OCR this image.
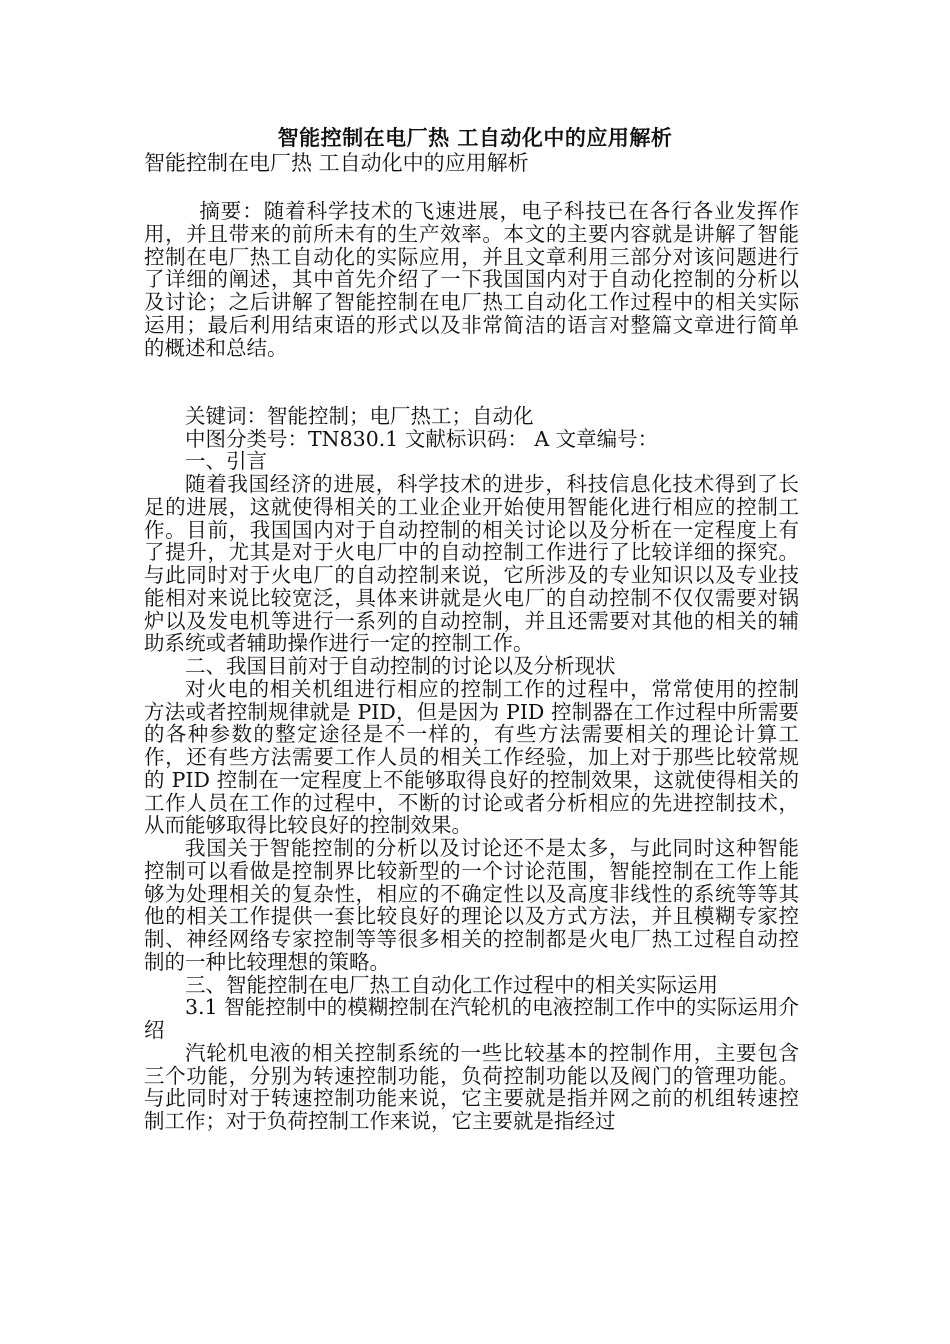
智能控制在电厂热 工自动化中的应用解析
智能控制在电厂热 工自动化中的应用解析

摘要：随着科学技术的飞速进展，电子科技已在各行各业发挥作用，并且带来的前所未有的生产效率。本文的主要内容就是讲解了智能控制在电厂热工自动化的实际应用，并且文章利用三部分对该问题进行了详细的阐述，其中首先介绍了一下我国国内对于自动化控制的分析以及讨论；之后讲解了智能控制在电厂热工自动化工作过程中的相关实际运用；最后利用结束语的形式以及非常简洁的语言对整篇文章进行简单的概述和总结。

关键词：智能控制；电厂热工；自动化

中图分类号：TN830.1 文献标识码： A 文章编号：

一、引言

随着我国经济的进展，科学技术的进步，科技信息化技术得到了长足的进展，这就使得相关的工业企业开始使用智能化进行相应的控制工作。目前，我国国内对于自动控制的相关讨论以及分析在一定程度上有了提升，尤其是对于火电厂中的自动控制工作进行了比较详细的探究。与此同时对于火电厂的自动控制来说，它所涉及的专业知识以及专业技能相对来说比较宽泛，具体来讲就是火电厂的自动控制不仅仅需要对锅炉以及发电机等进行一系列的自动控制，并且还需要对其他的相关的辅助系统或者辅助操作进行一定的控制工作。

二、我国目前对于自动控制的讨论以及分析现状

对火电的相关机组进行相应的控制工作的过程中，常常使用的控制方法或者控制规律就是 PID，但是因为 PID 控制器在工作过程中所需要的各种参数的整定途径是不一样的，有些方法需要相关的理论计算工作，还有些方法需要工作人员的相关工作经验，加上对于那些比较常规的 PID 控制在一定程度上不能够取得良好的控制效果，这就使得相关的工作人员在工作的过程中，不断的讨论或者分析相应的先进控制技术，从而能够取得比较良好的控制效果。

我国关于智能控制的分析以及讨论还不是太多，与此同时这种智能控制可以看做是控制界比较新型的一个讨论范围，智能控制在工作上能够为处理相关的复杂性，相应的不确定性以及高度非线性的系统等等其他的相关工作提供一套比较良好的理论以及方式方法，并且模糊专家控制、神经网络专家控制等等很多相关的控制都是火电厂热工过程自动控制的一种比较理想的策略。

三、智能控制在电厂热工自动化工作过程中的相关实际运用

3.1 智能控制中的模糊控制在汽轮机的电液控制工作中的实际运用介绍

汽轮机电液的相关控制系统的一些比较基本的控制作用，主要包含三个功能，分别为转速控制功能，负荷控制功能以及阀门的管理功能。与此同时对于转速控制功能来说，它主要就是指并网之前的机组转速控制工作；对于负荷控制工作来说，它主要就是指经过
